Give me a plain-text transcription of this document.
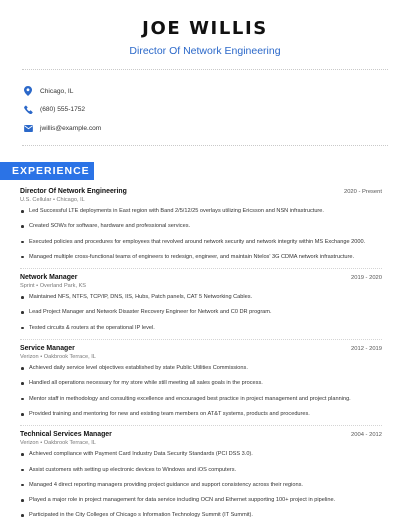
JOE WILLIS
Director Of Network Engineering
Chicago, IL
(680) 555-1752
jwillis@example.com
EXPERIENCE
Director Of Network Engineering	2020 - Present
U.S. Cellular • Chicago, IL
Led Successful LTE deployments in East region with Band 2/5/12/25 overlays utilizing Ericsson and NSN infrastructure.
Created SOWs for software, hardware and professional services.
Executed policies and procedures for employees that revolved around network security and network integrity within MS Exchange 2000.
Managed multiple cross-functional teams of engineers to redesign, engineer, and maintain Ntelos' 3G CDMA network infrastructure.
Network Manager	2019 - 2020
Sprint • Overland Park, KS
Maintained NFS, NTFS, TCP/IP, DNS, IIS, Hubs, Patch panels, CAT 5 Networking Cables.
Lead Project Manager and Network Disaster Recovery Engineer for Network and C0 DR program.
Tested circuits & routers at the operational IP level.
Service Manager	2012 - 2019
Verizon • Oakbrook Terrace, IL
Achieved daily service level objectives established by state Public Utilities Commissions.
Handled all operations necessary for my store while still meeting all sales goals in the process.
Mentor staff in methodology and consulting excellence and encouraged best practice in project management and project planning.
Provided training and mentoring for new and existing team members on AT&T systems, products and procedures.
Technical Services Manager	2004 - 2012
Verizon • Oakbrook Terrace, IL
Achieved compliance with Payment Card Industry Data Security Standards (PCI DSS 3.0).
Assist customers with setting up electronic devices to Windows and iOS computers.
Managed 4 direct reporting managers providing project guidance and support consistency across their regions.
Played a major role in project management for data service including OCN and Ethernet supporting 100+ project in pipeline.
Participated in the City Colleges of Chicago s Information Technology Summit (IT Summit).
